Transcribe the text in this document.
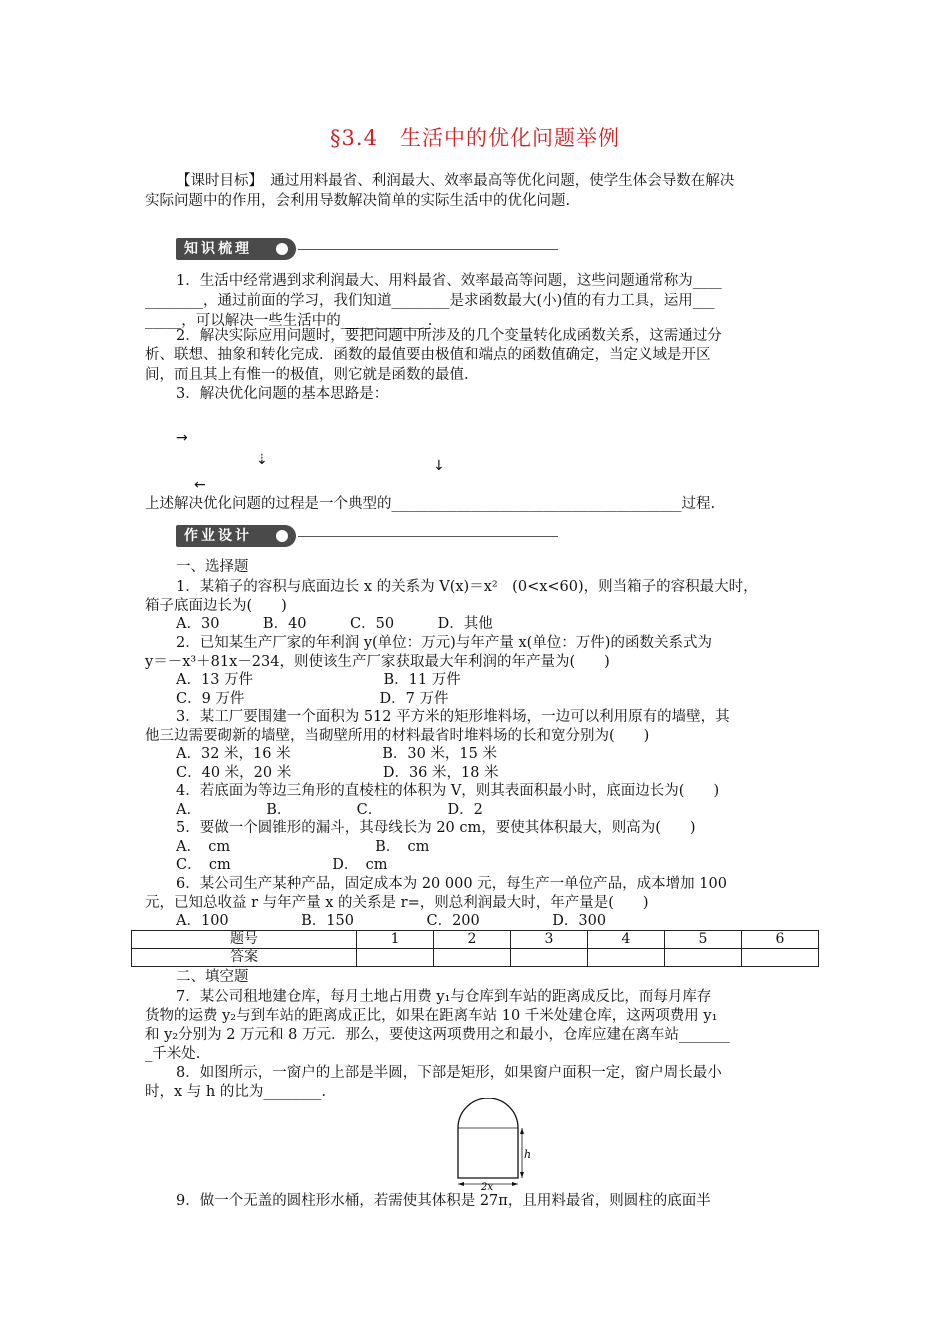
§3.4　生活中的优化问题举例
【课时目标】　通过用料最省、利润最大、效率最高等优化问题，使学生体会导数在解决
实际问题中的作用，会利用导数解决简单的实际生活中的优化问题.
知识梳理
1．生活中经常遇到求利润最大、用料最省、效率最高等问题，这些问题通常称为____
________，通过前面的学习，我们知道________是求函数最大(小)值的有力工具，运用___
_____，可以解决一些生活中的____________.
2．解决实际应用问题时，要把问题中所涉及的几个变量转化成函数关系，这需通过分
析、联想、抽象和转化完成．函数的最值要由极值和端点的函数值确定，当定义域是开区
间，而且其上有惟一的极值，则它就是函数的最值.
3．解决优化问题的基本思路是：
→
⇣	↓
←
上述解决优化问题的过程是一个典型的________________________________________过程.
作业设计
一、选择题
1．某箱子的容积与底面边长 x 的关系为 V(x)＝x²　(0<x<60)，则当箱子的容积最大时，
箱子底面边长为(　　)
A．30　　　B．40　　　C．50　　　D．其他
2．已知某生产厂家的年利润 y(单位：万元)与年产量 x(单位：万件)的函数关系式为
y＝－x³＋81x－234，则使该生产厂家获取最大年利润的年产量为(　　)
A．13 万件　　　　　　　　　B．11 万件
C．9 万件　　　　　　　　　 D．7 万件
3．某工厂要围建一个面积为 512 平方米的矩形堆料场，一边可以利用原有的墙壁，其
他三边需要砌新的墙壁，当砌壁所用的材料最省时堆料场的长和宽分别为(　　)
A．32 米，16 米　　　　　　 B．30 米，15 米
C．40 米，20 米　　　　　　 D．36 米，18 米
4．若底面为等边三角形的直棱柱的体积为 V，则其表面积最小时，底面边长为(　　)
A．　　　　　B．　　　　　C．　　　　　D．2
5．要做一个圆锥形的漏斗，其母线长为 20 cm，要使其体积最大，则高为(　　)
A．　cm　　　　　　　　　　B．　cm
C．　cm　　　　　　　D．　cm
6．某公司生产某种产品，固定成本为 20 000 元，每生产一单位产品，成本增加 100
元，已知总收益 r 与年产量 x 的关系是 r=，则总利润最大时，年产量是(　　)
A．100　　　　　B．150　　　　　C．200　　　　　D．300
题号	1	2	3	4	5	6
答案						
二、填空题
7．某公司租地建仓库，每月土地占用费 y₁与仓库到车站的距离成反比，而每月库存
货物的运费 y₂与到车站的距离成正比，如果在距离车站 10 千米处建仓库，这两项费用 y₁
和 y₂分别为 2 万元和 8 万元．那么，要使这两项费用之和最小，仓库应建在离车站_______
_千米处.
8．如图所示，一窗户的上部是半圆，下部是矩形，如果窗户面积一定，窗户周长最小
时，x 与 h 的比为________.
h
2x
9．做一个无盖的圆柱形水桶，若需使其体积是 27π，且用料最省，则圆柱的底面半
